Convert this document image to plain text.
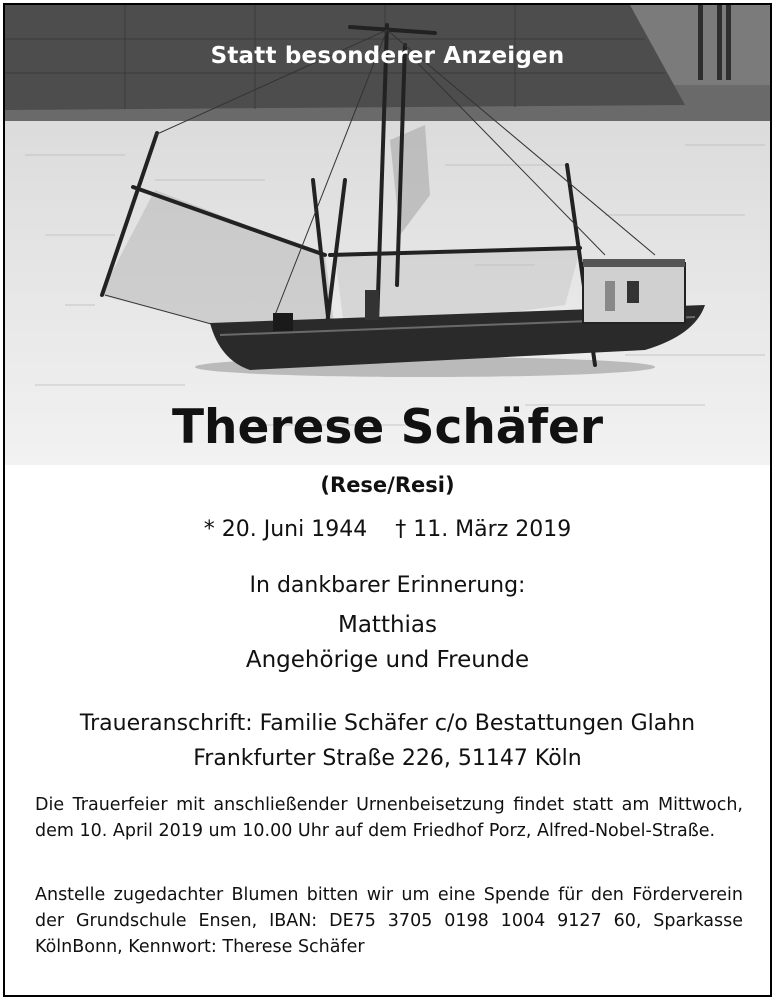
Statt besonderer Anzeigen
Therese Schäfer
(Rese/Resi)
* 20. Juni 1944 † 11. März 2019
In dankbarer Erinnerung:
Matthias
Angehörige und Freunde
Traueranschrift: Familie Schäfer c/o Bestattungen Glahn
Frankfurter Straße 226, 51147 Köln
Die Trauerfeier mit anschließender Urnenbeisetzung findet statt am Mittwoch, dem 10. April 2019 um 10.00 Uhr auf dem Friedhof Porz, Alfred-Nobel-Straße.
Anstelle zugedachter Blumen bitten wir um eine Spende für den Förderverein der Grundschule Ensen, IBAN: DE75 3705 0198 1004 9127 60, Sparkasse KölnBonn, Kennwort: Therese Schäfer
